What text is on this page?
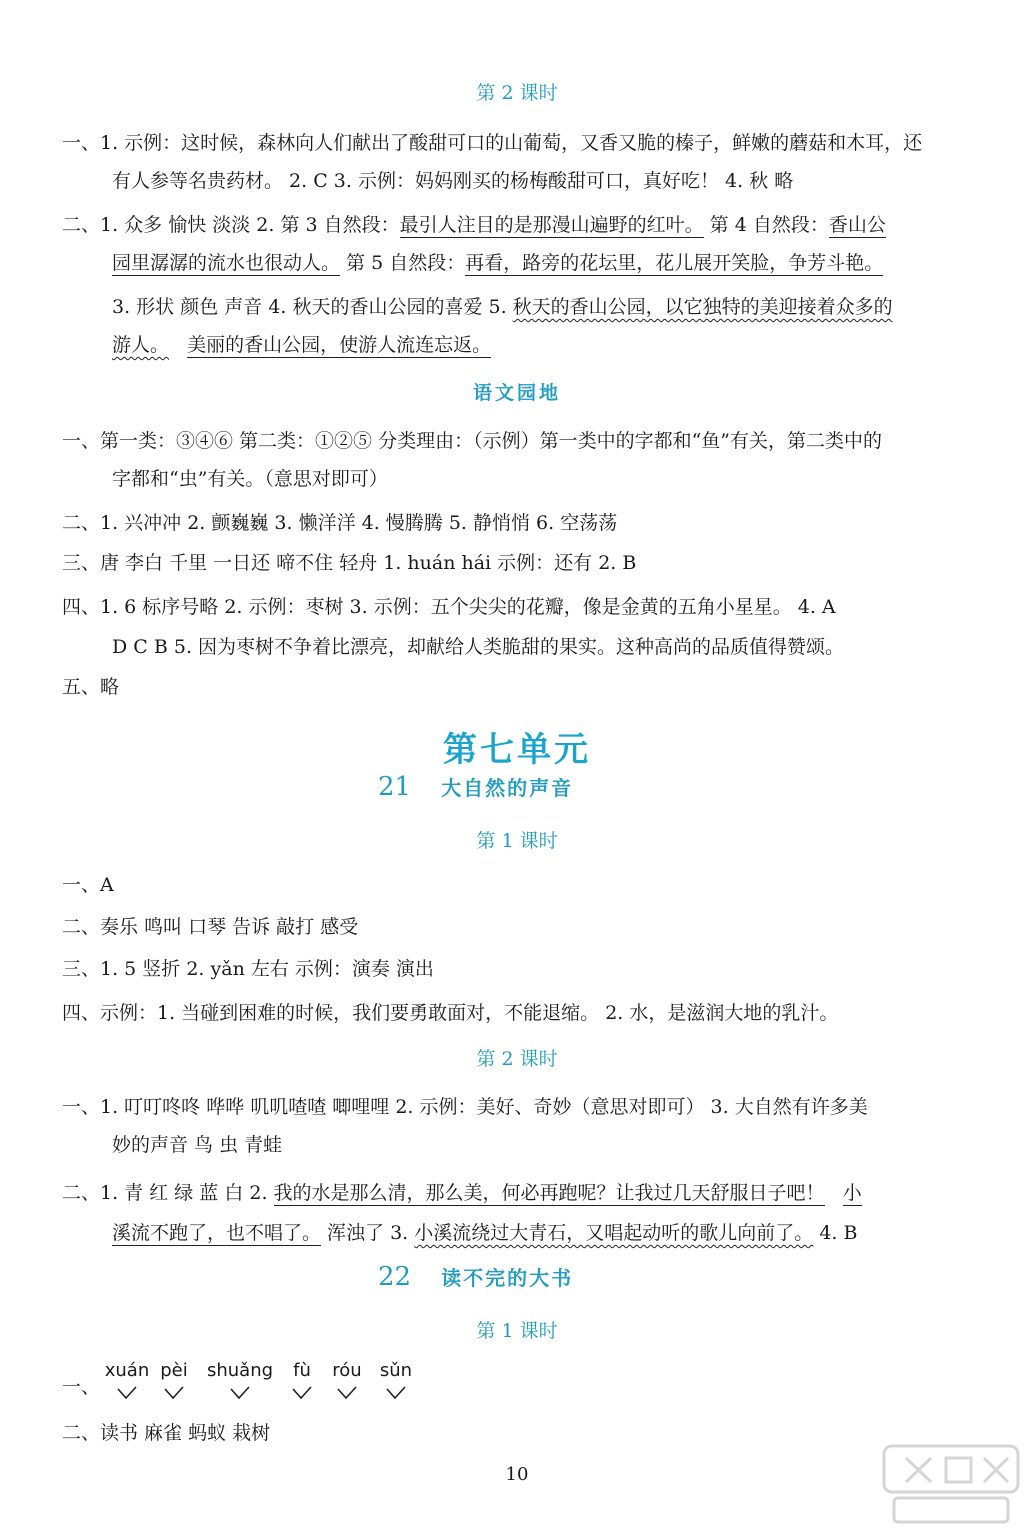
第 2 课时
一、1. 示例：这时候，森林向人们献出了酸甜可口的山葡萄，又香又脆的榛子，鲜嫩的蘑菇和木耳，还
有人参等名贵药材。 2. C 3. 示例：妈妈刚买的杨梅酸甜可口，真好吃！ 4. 秋 略
二、1. 众多 愉快 淡淡 2. 第 3 自然段：最引人注目的是那漫山遍野的红叶。 第 4 自然段：香山公
园里潺潺的流水也很动人。 第 5 自然段：再看，路旁的花坛里，花儿展开笑脸，争芳斗艳。
3. 形状 颜色 声音 4. 秋天的香山公园的喜爱 5. 秋天的香山公园，以它独特的美迎接着众多的
游人。 美丽的香山公园，使游人流连忘返。
语文园地
一、第一类：③④⑥ 第二类：①②⑤ 分类理由：（示例）第一类中的字都和“鱼”有关，第二类中的
字都和“虫”有关。（意思对即可）
二、1. 兴冲冲 2. 颤巍巍 3. 懒洋洋 4. 慢腾腾 5. 静悄悄 6. 空荡荡
三、唐 李白 千里 一日还 啼不住 轻舟 1. huán hái 示例：还有 2. B
四、1. 6 标序号略 2. 示例：枣树 3. 示例：五个尖尖的花瓣，像是金黄的五角小星星。 4. A
D C B 5. 因为枣树不争着比漂亮，却献给人类脆甜的果实。这种高尚的品质值得赞颂。
五、略
第七单元
21 大自然的声音
第 1 课时
一、A
二、奏乐 鸣叫 口琴 告诉 敲打 感受
三、1. 5 竖折 2. yǎn 左右 示例：演奏 演出
四、示例：1. 当碰到困难的时候，我们要勇敢面对，不能退缩。 2. 水，是滋润大地的乳汁。
第 2 课时
一、1. 叮叮咚咚 哗哗 叽叽喳喳 唧哩哩 2. 示例：美好、奇妙（意思对即可） 3. 大自然有许多美
妙的声音 鸟 虫 青蛙
二、1. 青 红 绿 蓝 白 2. 我的水是那么清，那么美，何必再跑呢？让我过几天舒服日子吧！ 小
溪流不跑了，也不唱了。 浑浊了 3. 小溪流绕过大青石，又唱起动听的歌儿向前了。 4. B
22 读不完的大书
第 1 课时
一、
xuán pèi	shuǎng	fù	róu	sǔn
二、读书 麻雀 蚂蚁 栽树
10
